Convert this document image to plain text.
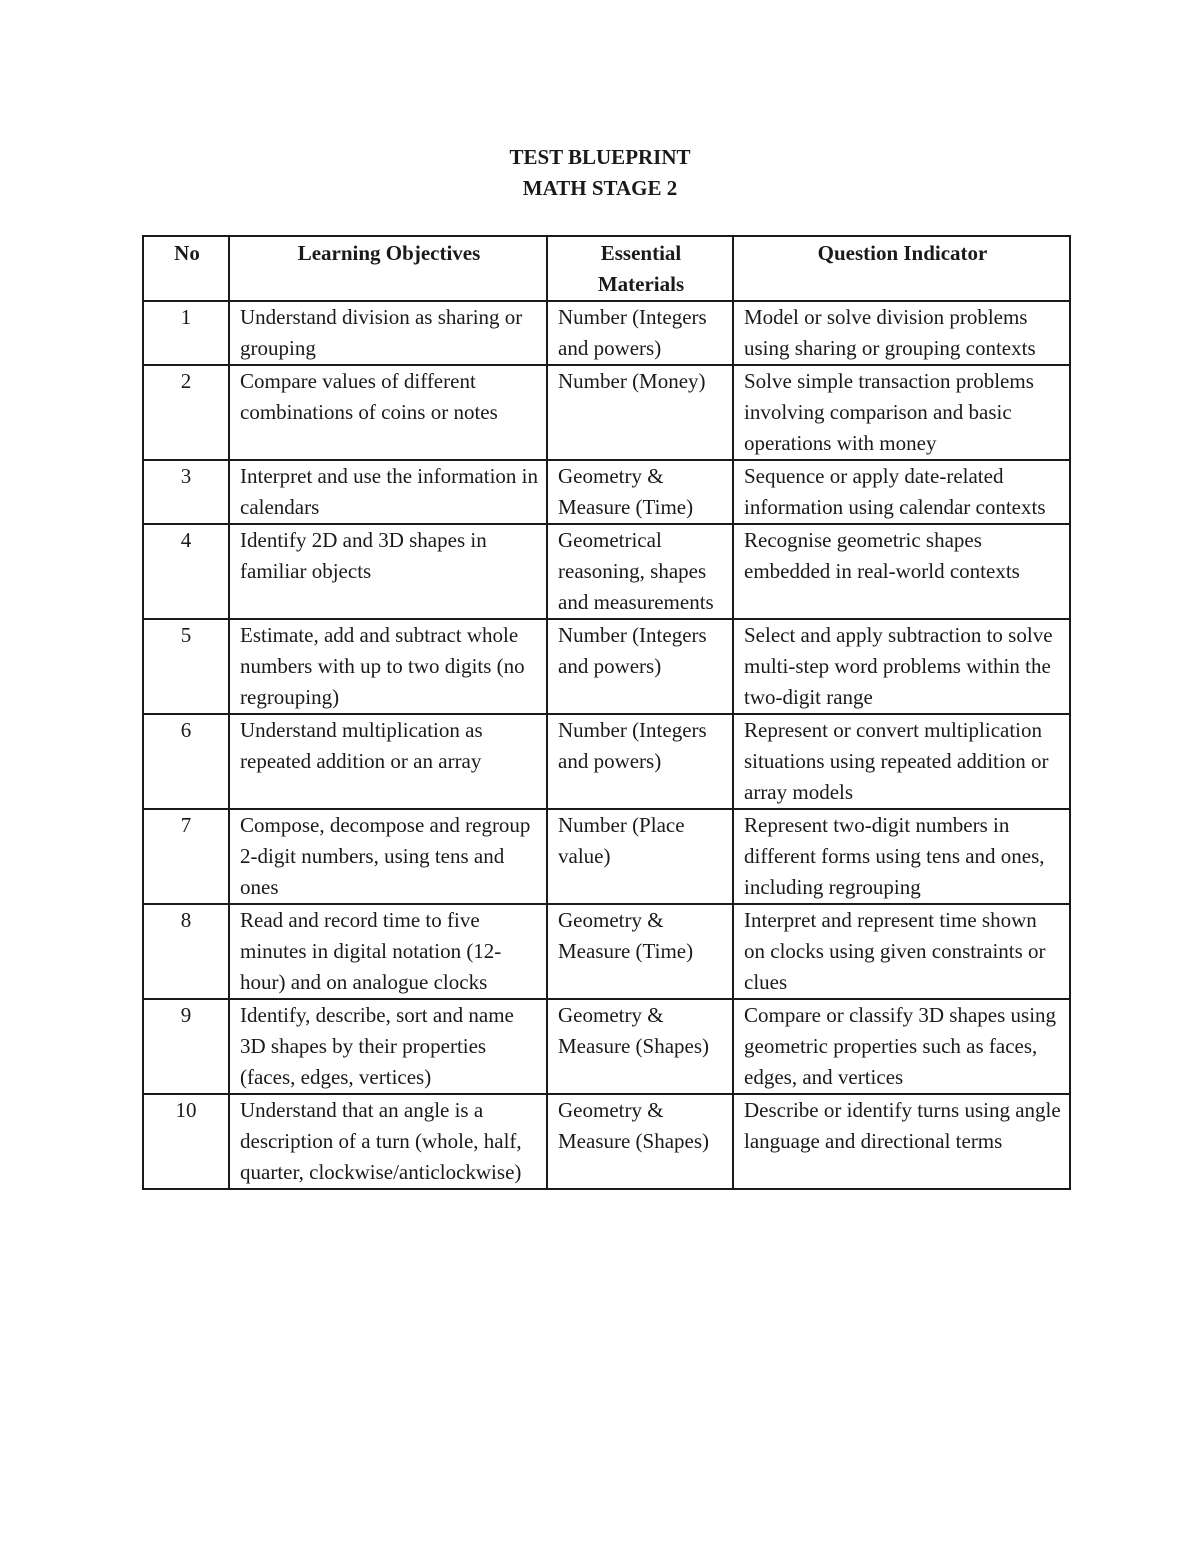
TEST BLUEPRINT
MATH STAGE 2
No	Learning Objectives	Essential Materials	Question Indicator
1	Understand division as sharing or grouping	Number (Integers and powers)	Model or solve division problems using sharing or grouping contexts
2	Compare values of different combinations of coins or notes	Number (Money)	Solve simple transaction problems involving comparison and basic operations with money
3	Interpret and use the information in calendars	Geometry & Measure (Time)	Sequence or apply date-related information using calendar contexts
4	Identify 2D and 3D shapes in familiar objects	Geometrical reasoning, shapes and measurements	Recognise geometric shapes embedded in real-world contexts
5	Estimate, add and subtract whole numbers with up to two digits (no regrouping)	Number (Integers and powers)	Select and apply subtraction to solve multi-step word problems within the two-digit range
6	Understand multiplication as repeated addition or an array	Number (Integers and powers)	Represent or convert multiplication situations using repeated addition or array models
7	Compose, decompose and regroup 2-digit numbers, using tens and ones	Number (Place value)	Represent two-digit numbers in different forms using tens and ones, including regrouping
8	Read and record time to five minutes in digital notation (12-hour) and on analogue clocks	Geometry & Measure (Time)	Interpret and represent time shown on clocks using given constraints or clues
9	Identify, describe, sort and name 3D shapes by their properties (faces, edges, vertices)	Geometry & Measure (Shapes)	Compare or classify 3D shapes using geometric properties such as faces, edges, and vertices
10	Understand that an angle is a description of a turn (whole, half, quarter, clockwise/anticlockwise)	Geometry & Measure (Shapes)	Describe or identify turns using angle language and directional terms
